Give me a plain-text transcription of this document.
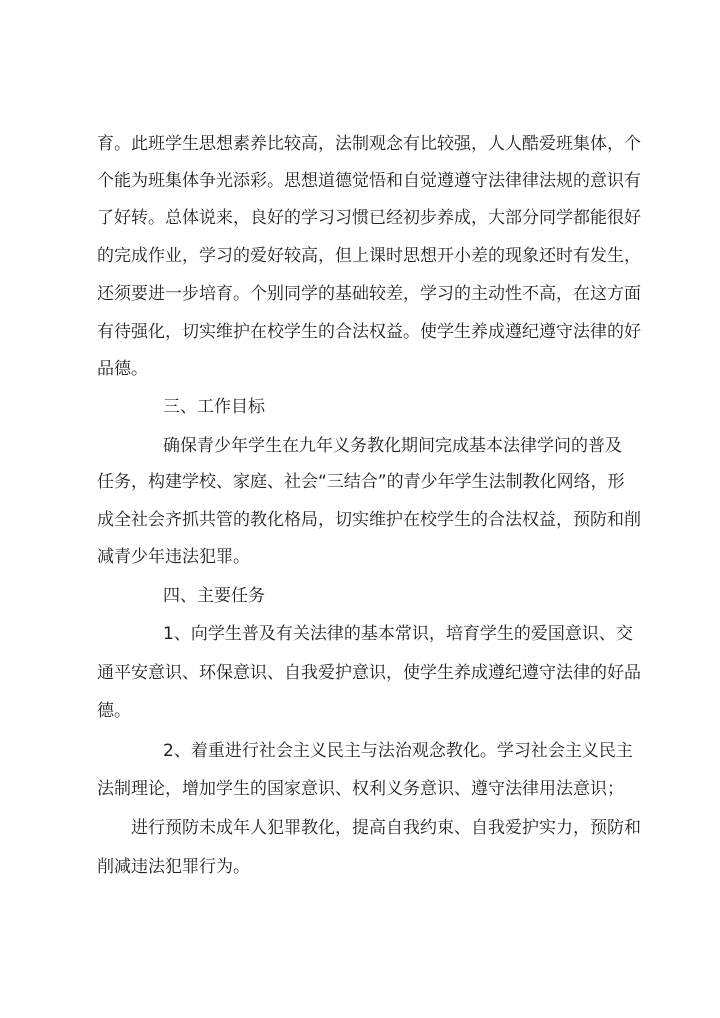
育。此班学生思想素养比较高，法制观念有比较强，人人酷爱班集体，个
个能为班集体争光添彩。思想道德觉悟和自觉遵遵守法律律法规的意识有
了好转。总体说来，良好的学习习惯已经初步养成，大部分同学都能很好
的完成作业，学习的爱好较高，但上课时思想开小差的现象还时有发生，
还须要进一步培育。个别同学的基础较差，学习的主动性不高，在这方面
有待强化，切实维护在校学生的合法权益。使学生养成遵纪遵守法律的好
品德。
三、工作目标
确保青少年学生在九年义务教化期间完成基本法律学问的普及
任务，构建学校、家庭、社会“三结合”的青少年学生法制教化网络，形
成全社会齐抓共管的教化格局，切实维护在校学生的合法权益，预防和削
减青少年违法犯罪。
四、主要任务
1、向学生普及有关法律的基本常识，培育学生的爱国意识、交
通平安意识、环保意识、自我爱护意识，使学生养成遵纪遵守法律的好品
德。
2、着重进行社会主义民主与法治观念教化。学习社会主义民主
法制理论，增加学生的国家意识、权利义务意识、遵守法律用法意识；
进行预防未成年人犯罪教化，提高自我约束、自我爱护实力，预防和
削减违法犯罪行为。
